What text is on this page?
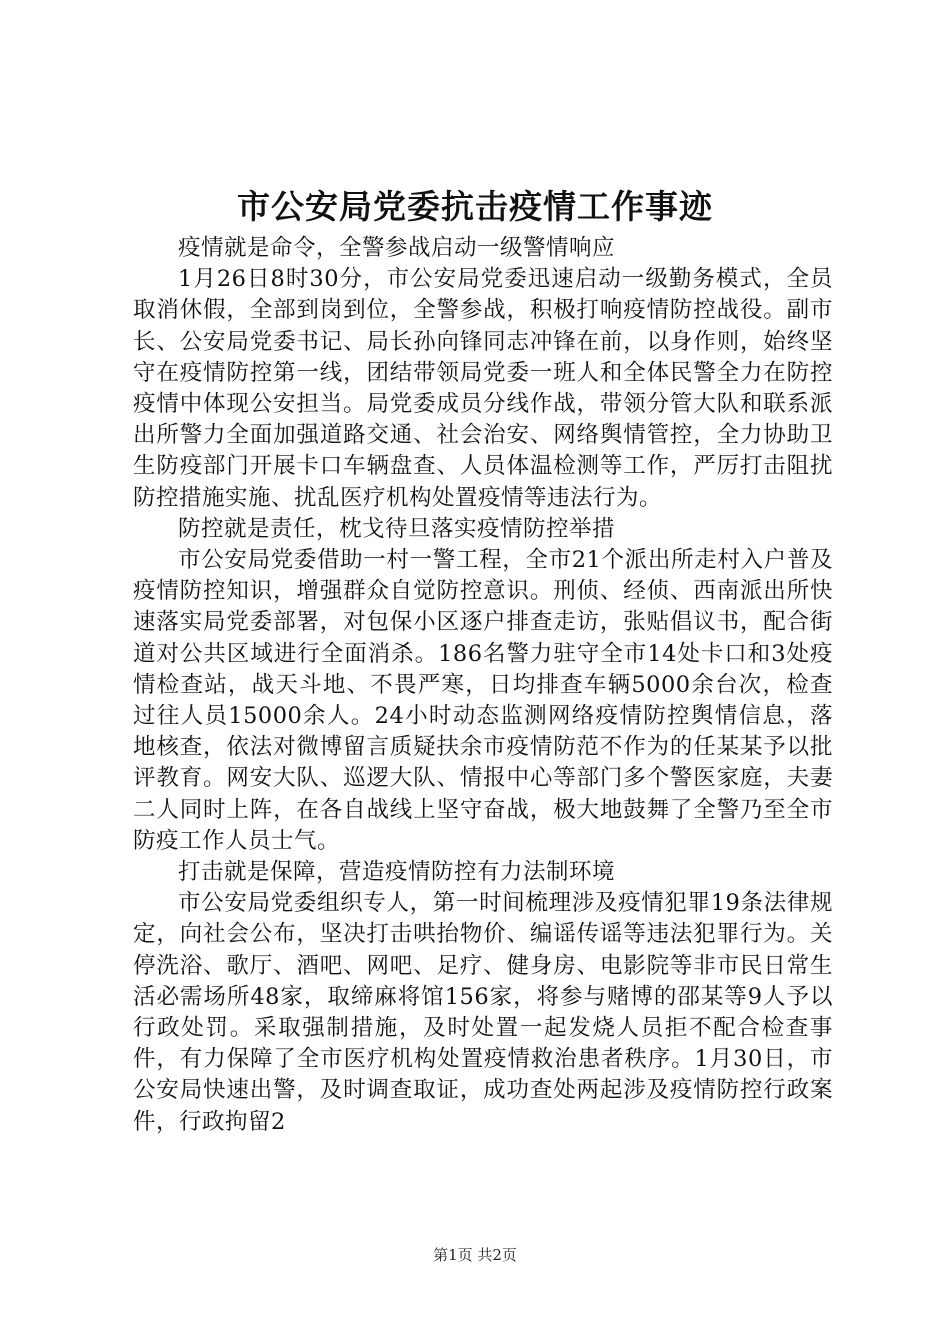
市公安局党委抗击疫情工作事迹

疫情就是命令，全警参战启动一级警情响应

1月26日8时30分，市公安局党委迅速启动一级勤务模式，全员取消休假，全部到岗到位，全警参战，积极打响疫情防控战役。副市长、公安局党委书记、局长孙向锋同志冲锋在前，以身作则，始终坚守在疫情防控第一线，团结带领局党委一班人和全体民警全力在防控疫情中体现公安担当。局党委成员分线作战，带领分管大队和联系派出所警力全面加强道路交通、社会治安、网络舆情管控，全力协助卫生防疫部门开展卡口车辆盘查、人员体温检测等工作，严厉打击阻扰防控措施实施、扰乱医疗机构处置疫情等违法行为。

防控就是责任，枕戈待旦落实疫情防控举措

市公安局党委借助一村一警工程，全市21个派出所走村入户普及疫情防控知识，增强群众自觉防控意识。刑侦、经侦、西南派出所快速落实局党委部署，对包保小区逐户排查走访，张贴倡议书，配合街道对公共区域进行全面消杀。186名警力驻守全市14处卡口和3处疫情检查站，战天斗地、不畏严寒，日均排查车辆5000余台次，检查过往人员15000余人。24小时动态监测网络疫情防控舆情信息，落地核查，依法对微博留言质疑扶余市疫情防范不作为的任某某予以批评教育。网安大队、巡逻大队、情报中心等部门多个警医家庭，夫妻二人同时上阵，在各自战线上坚守奋战，极大地鼓舞了全警乃至全市防疫工作人员士气。

打击就是保障，营造疫情防控有力法制环境

市公安局党委组织专人，第一时间梳理涉及疫情犯罪19条法律规定，向社会公布，坚决打击哄抬物价、编谣传谣等违法犯罪行为。关停洗浴、歌厅、酒吧、网吧、足疗、健身房、电影院等非市民日常生活必需场所48家，取缔麻将馆156家，将参与赌博的邵某等9人予以行政处罚。采取强制措施，及时处置一起发烧人员拒不配合检查事件，有力保障了全市医疗机构处置疫情救治患者秩序。1月30日，市公安局快速出警，及时调查取证，成功查处两起涉及疫情防控行政案件，行政拘留2

第1页 共2页
